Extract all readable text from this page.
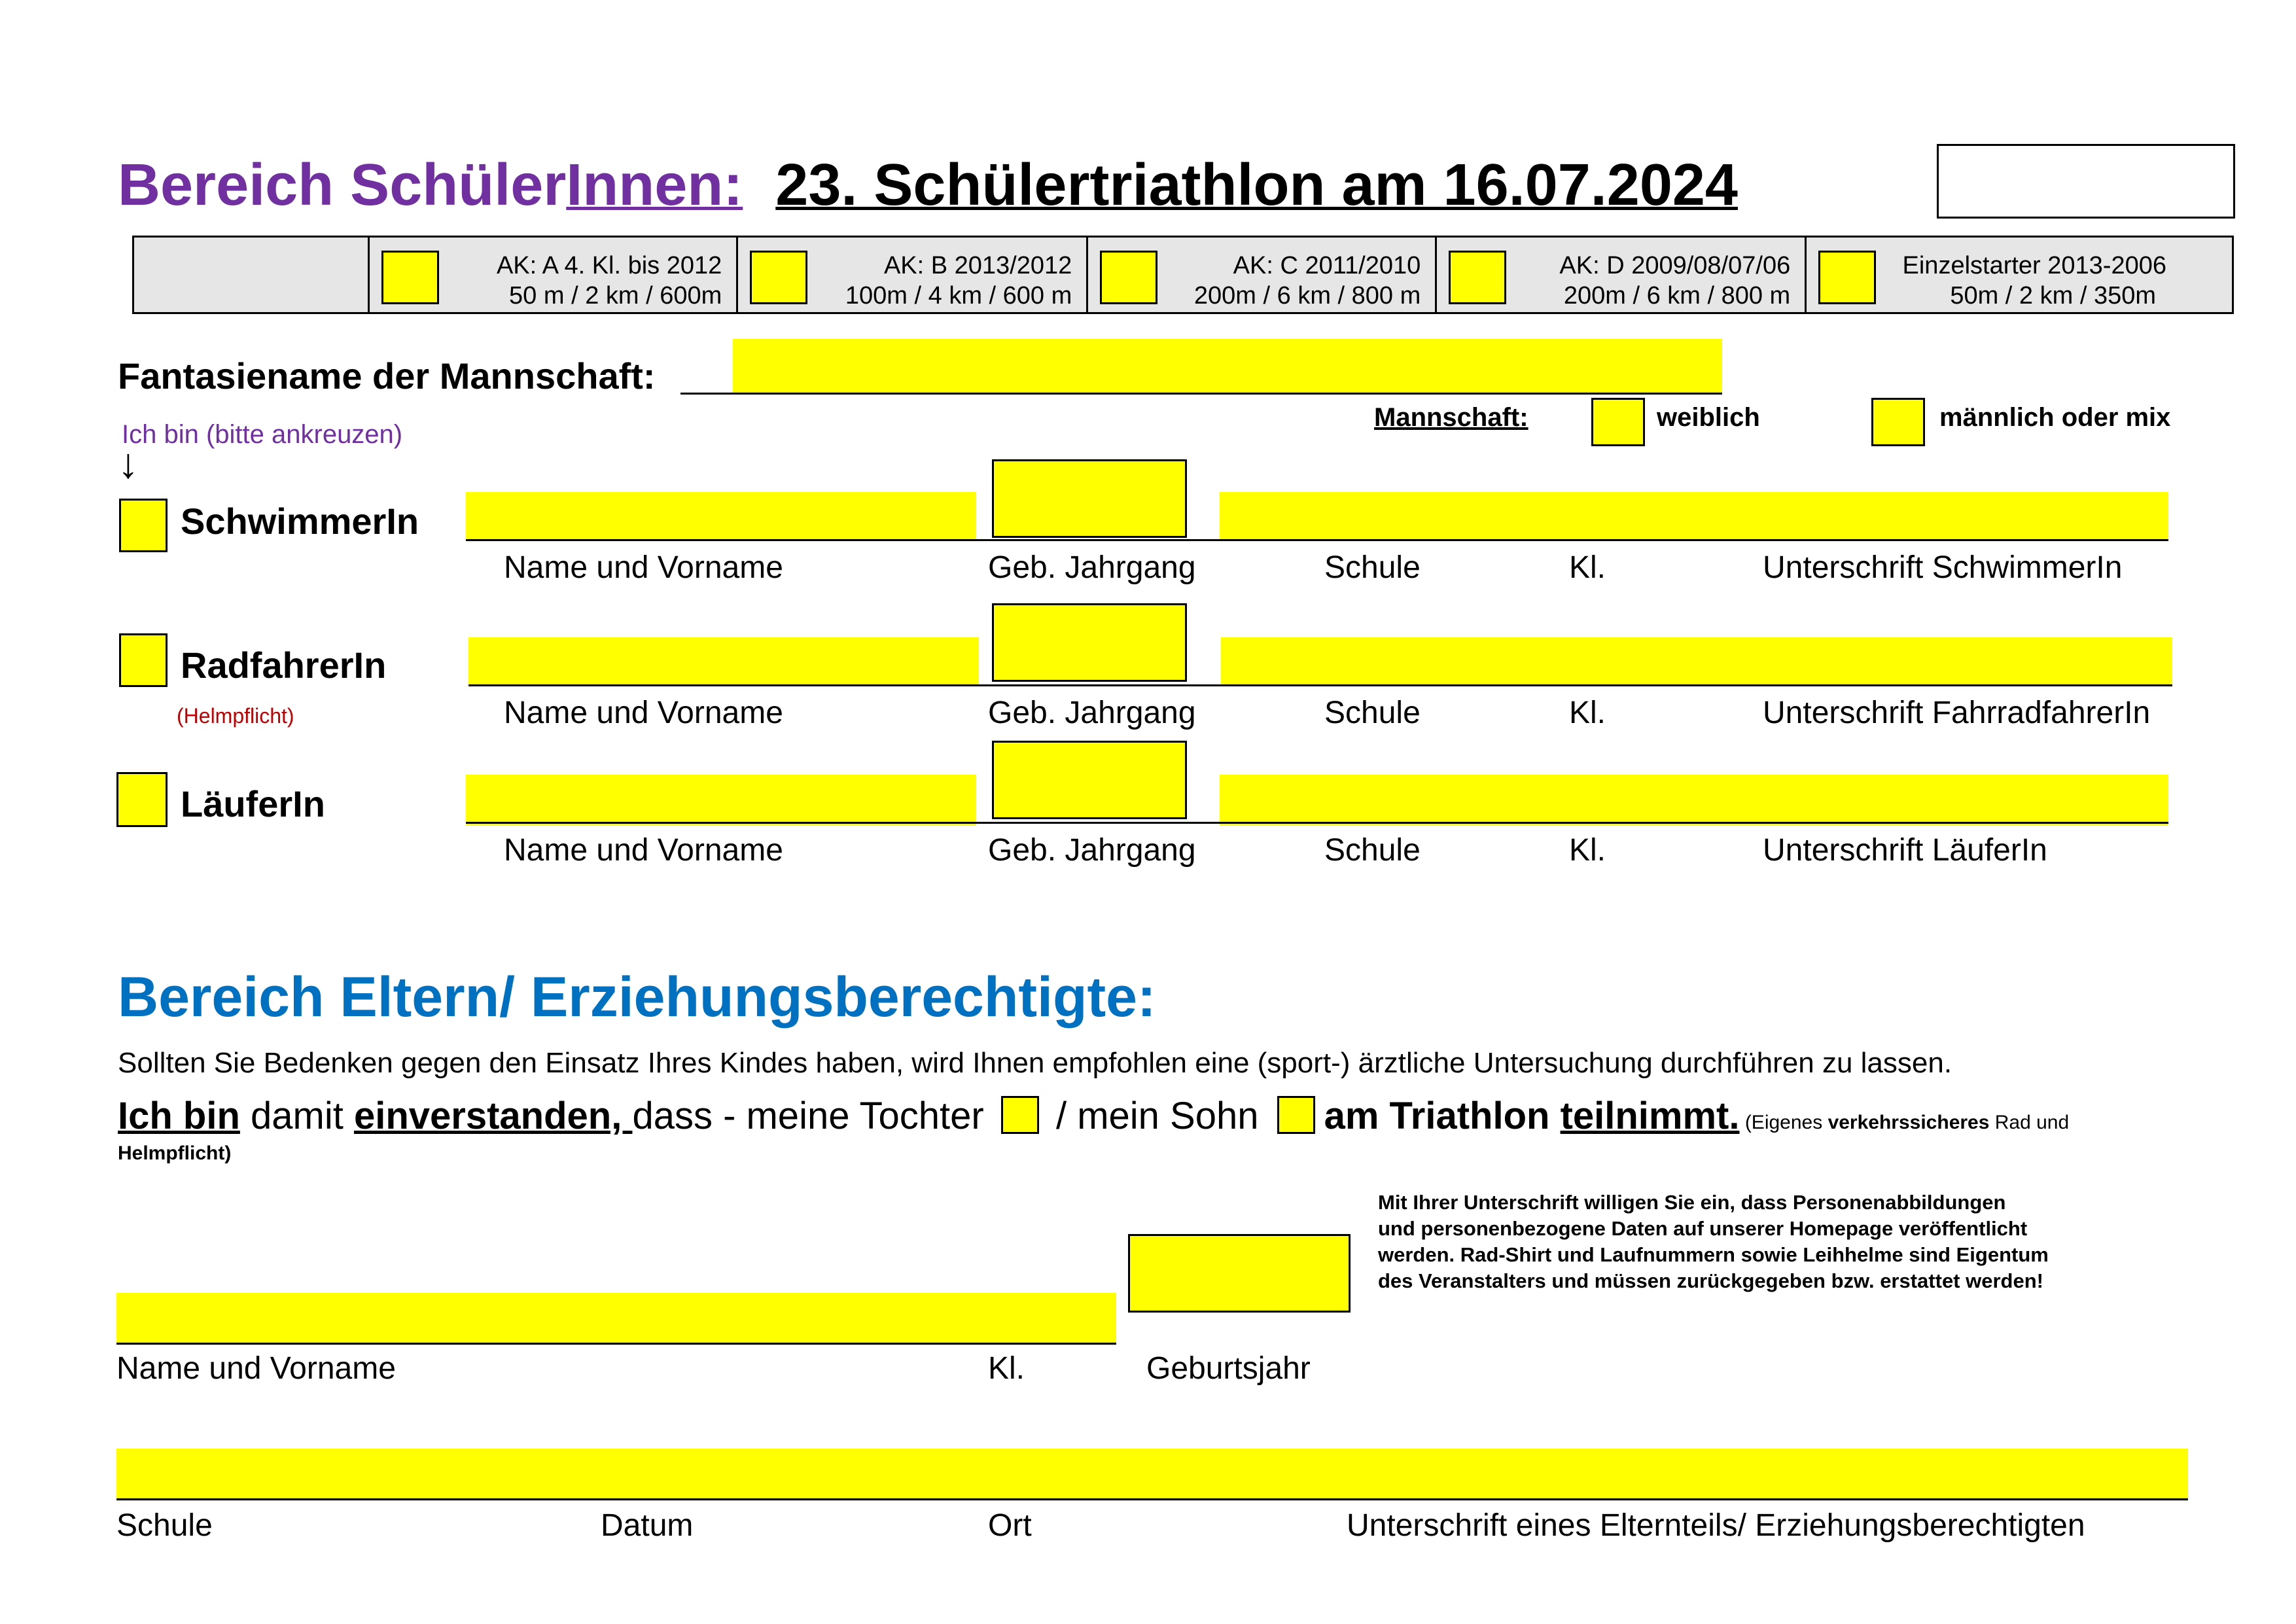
Bereich SchülerInnen: 23. Schülertriathlon am 16.07.2024
AK: A 4. Kl. bis 2012
50 m / 2 km / 600m
AK: B 2013/2012
100m / 4 km / 600 m
AK: C 2011/2010
200m / 6 km / 800 m
AK: D 2009/08/07/06
200m / 6 km / 800 m
Einzelstarter 2013-2006
50m / 2 km / 350m
Fantasiename der Mannschaft:
Mannschaft:	weiblich	männlich oder mix
Ich bin (bitte ankreuzen)
↓
SchwimmerIn
Name und Vorname	Geb. Jahrgang	Schule	Kl.	Unterschrift SchwimmerIn
RadfahrerIn
(Helmpflicht)	Name und Vorname	Geb. Jahrgang	Schule	Kl.	Unterschrift FahrradfahrerIn
LäuferIn
Name und Vorname	Geb. Jahrgang	Schule	Kl.	Unterschrift LäuferIn
Bereich Eltern/ Erziehungsberechtigte:
Sollten Sie Bedenken gegen den Einsatz Ihres Kindes haben, wird Ihnen empfohlen eine (sport-) ärztliche Untersuchung durchführen zu lassen.
Ich bin damit einverstanden, dass - meine Tochter  / mein Sohn am Triathlon teilnimmt. (Eigenes verkehrssicheres Rad und
Helmpflicht)
Mit Ihrer Unterschrift willigen Sie ein, dass Personenabbildungen
und personenbezogene Daten auf unserer Homepage veröffentlicht
werden. Rad-Shirt und Laufnummern sowie Leihhelme sind Eigentum
des Veranstalters und müssen zurückgegeben bzw. erstattet werden!
Name und Vorname	Kl.	Geburtsjahr
Schule	Datum	Ort	Unterschrift eines Elternteils/ Erziehungsberechtigten
